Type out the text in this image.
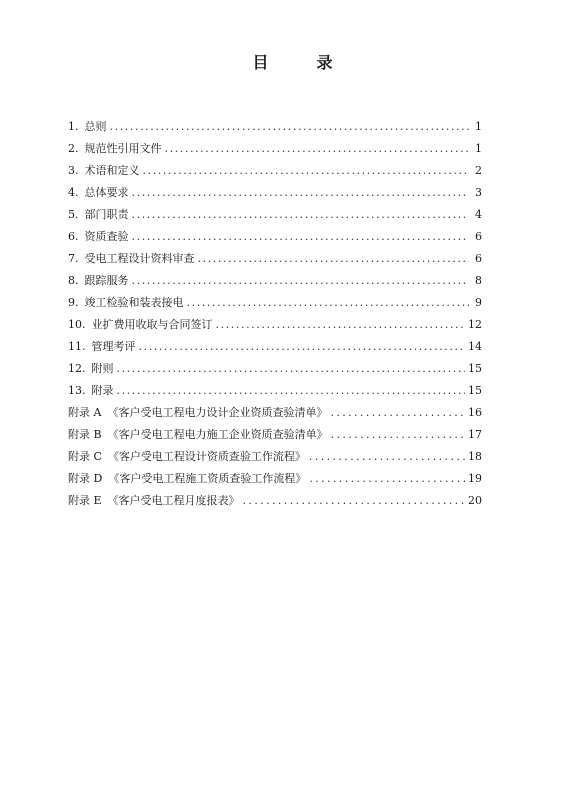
目　录
1. 总则 .....	1
2. 规范性引用文件 .....	1
3. 术语和定义 .....	2
4. 总体要求 .....	3
5. 部门职责 .....	4
6. 资质查验 .....	6
7. 受电工程设计资料审查 .....	6
8. 跟踪服务 .....	8
9. 竣工检验和装表接电 .....	9
10. 业扩费用收取与合同签订 .....	12
11. 管理考评 .....	14
12. 附则 .....	15
13. 附录 .....	15
附录 A 《客户受电工程电力设计企业资质查验清单》 .....	16
附录 B 《客户受电工程电力施工企业资质查验清单》 .....	17
附录 C 《客户受电工程设计资质查验工作流程》 .....	18
附录 D 《客户受电工程施工资质查验工作流程》 .....	19
附录 E 《客户受电工程月度报表》 .....	20
